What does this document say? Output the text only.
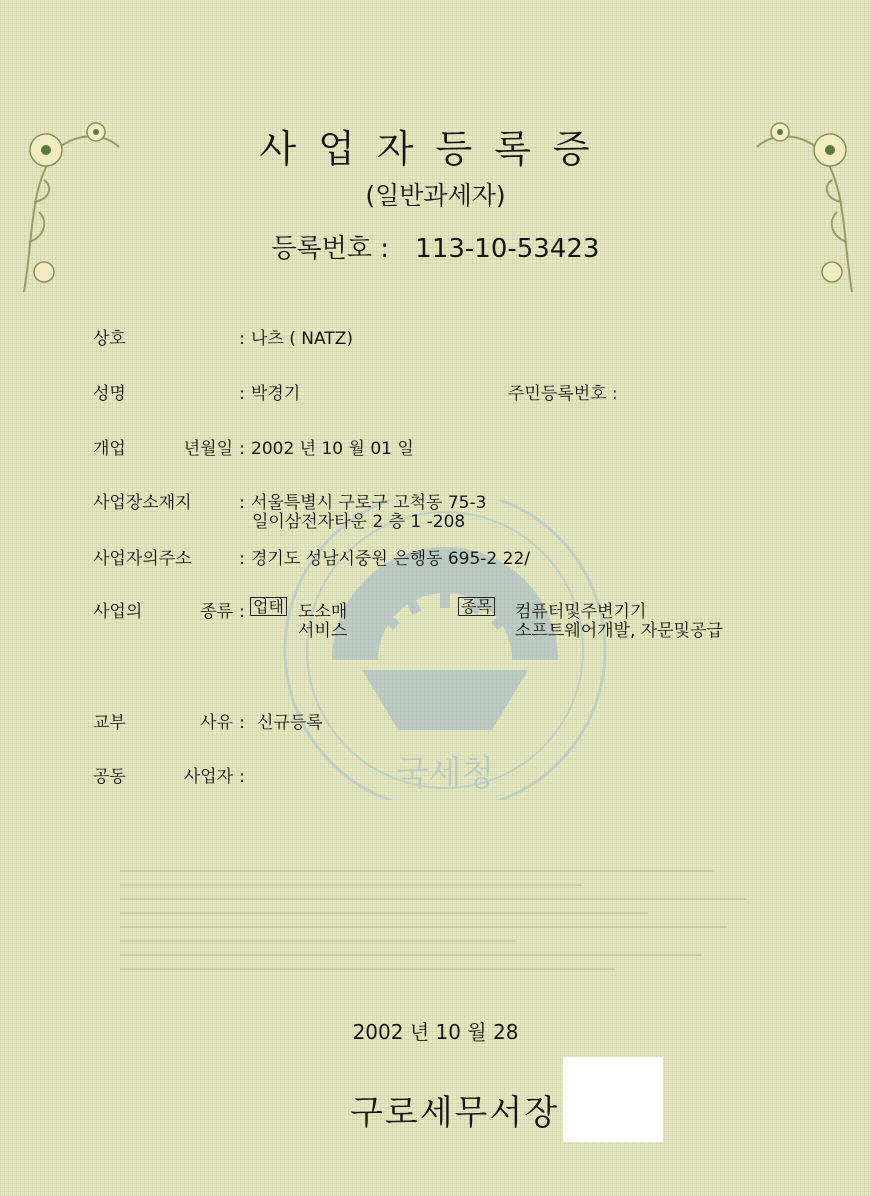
국세청
사업자등록증
(일반과세자)
등록번호 : 113-10-53423
상호	: 나츠 ( NATZ)
성명	: 박경기	주민등록번호 :
개업 년월일 : 2002 년 10 월 01 일
사업장소재지	: 서울특별시 구로구 고척동 75-3
일이삼전자타운 2 층 1 -208
사업자의주소	: 경기도 성남시중원 은행동 695-2 22/
사업의 종류 : 업태 도소매
서비스
종목 컴퓨터및주변기기
소프트웨어개발, 자문및공급
교부 사유 : 신규등록
공동 사업자 :
2002 년 10 월 28
구로세무서장
